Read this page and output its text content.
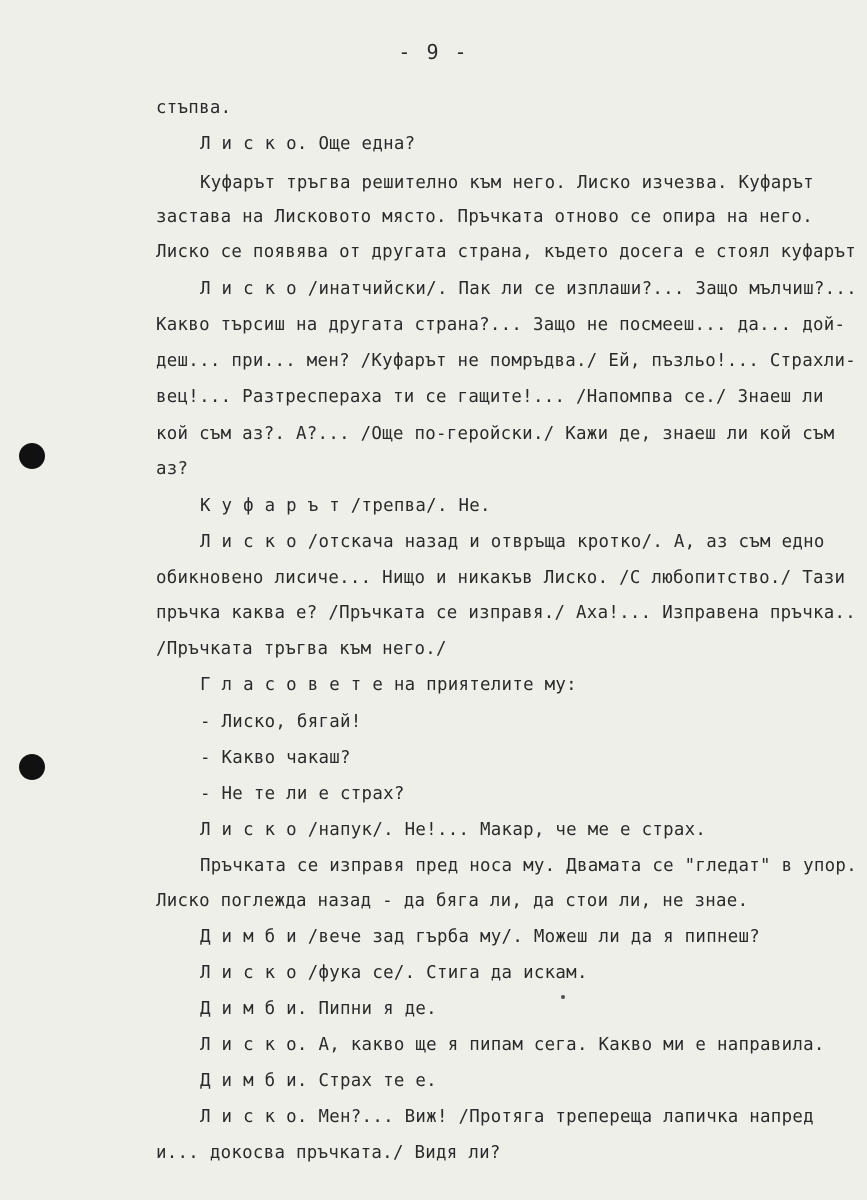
- 9 -
стъпва.
Л и с к о. Още една?
Куфарът тръгва решително към него. Лиско изчезва. Куфарът
застава на Лисковото място. Пръчката отново се опира на него.
Лиско се появява от другата страна, където досега е стоял куфарът
Л и с к о /инатчийски/. Пак ли се изплаши?... Защо мълчиш?...
Какво търсиш на другата страна?... Защо не посмееш... да... дой-
деш... при... мен? /Куфарът не помръдва./ Ей, пъзльо!... Страхли-
вец!... Разтреспераха ти се гащите!... /Напомпва се./ Знаеш ли
кой съм аз?. А?... /Още по-геройски./ Кажи де, знаеш ли кой съм
аз?
К у ф а р ъ т /трепва/. Не.
Л и с к о /отскача назад и отвръща кротко/. А, аз съм едно
обикновено лисиче... Нищо и никакъв Лиско. /С любопитство./ Тази
пръчка каква е? /Пръчката се изправя./ Аха!... Изправена пръчка..
/Пръчката тръгва към него./
Г л а с о в е т е на приятелите му:
- Лиско, бягай!
- Какво чакаш?
- Не те ли е страх?
Л и с к о /напук/. Не!... Макар, че ме е страх.
Пръчката се изправя пред носа му. Двамата се "гледат" в упор.
Лиско поглежда назад - да бяга ли, да стои ли, не знае.
Д и м б и /вече зад гърба му/. Можеш ли да я пипнеш?
Л и с к о /фука се/. Стига да искам.
Д и м б и. Пипни я де.
Л и с к о. А, какво ще я пипам сега. Какво ми е направила.
Д и м б и. Страх те е.
Л и с к о. Мен?... Виж! /Протяга трепереща лапичка напред
и... докосва пръчката./ Видя ли?
